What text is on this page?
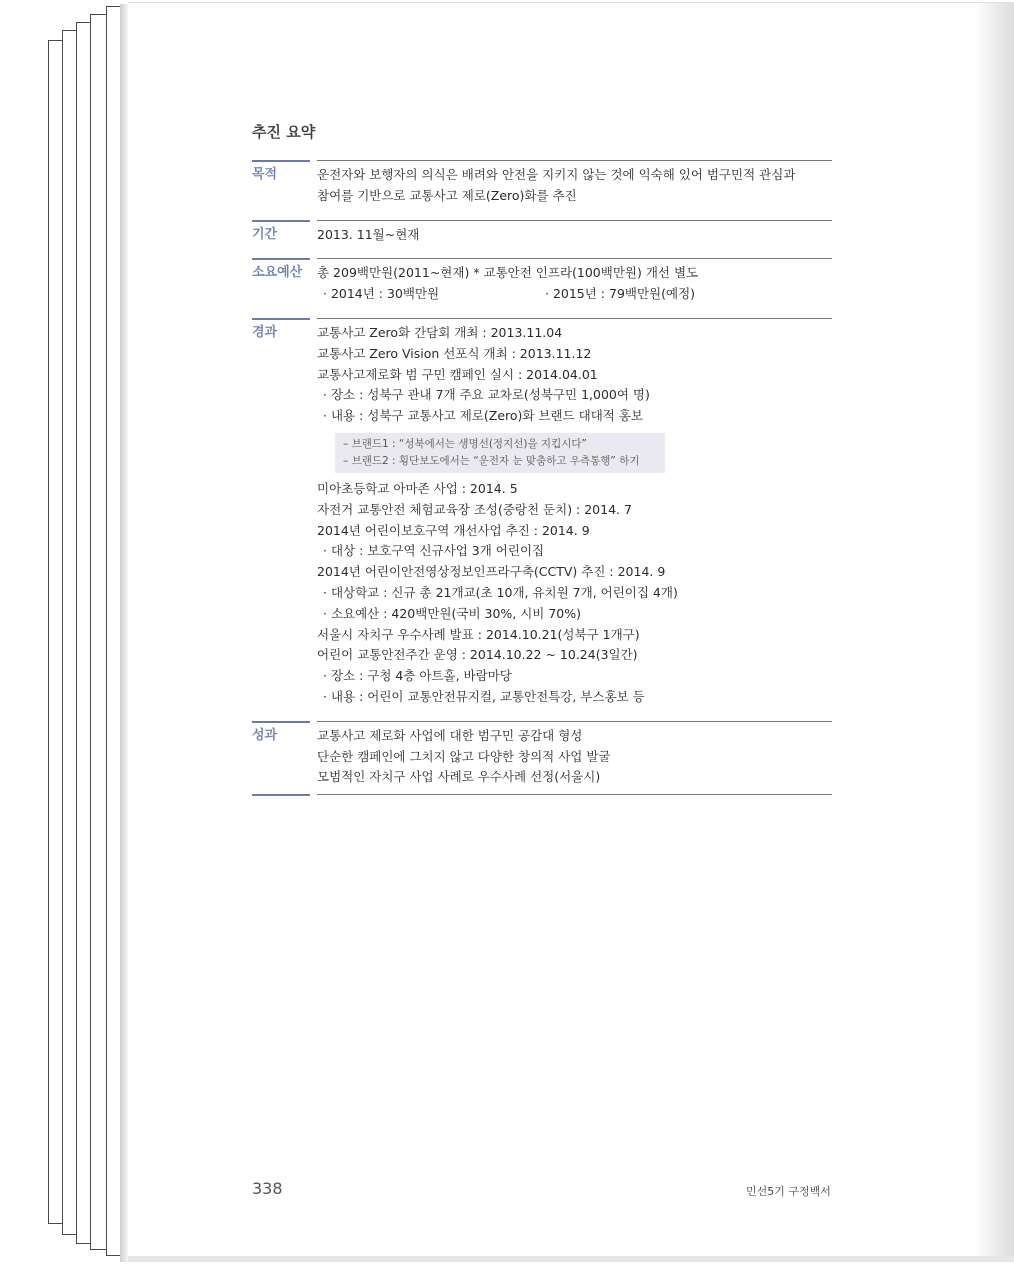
추진 요약
목적	운전자와 보행자의 의식은 배려와 안전을 지키지 않는 것에 익숙해 있어 범구민적 관심과
참여를 기반으로 교통사고 제로(Zero)화를 추진
기간	2013. 11월~현재
소요예산	총 209백만원(2011~현재) * 교통안전 인프라(100백만원) 개선 별도
· 2014년 : 30백만원	· 2015년 : 79백만원(예정)
경과	교통사고 Zero화 간담회 개최 : 2013.11.04
교통사고 Zero Vision 선포식 개최 : 2013.11.12
교통사고제로화 범 구민 캠페인 실시 : 2014.04.01
· 장소 : 성북구 관내 7개 주요 교차로(성북구민 1,000여 명)
· 내용 : 성북구 교통사고 제로(Zero)화 브랜드 대대적 홍보
– 브랜드1 : “성북에서는 생명선(정지선)을 지킵시다”
– 브랜드2 : 횡단보도에서는 “운전자 눈 맞춤하고 우측통행” 하기
미아초등학교 아마존 사업 : 2014. 5
자전거 교통안전 체험교육장 조성(중랑천 둔치) : 2014. 7
2014년 어린이보호구역 개선사업 추진 : 2014. 9
· 대상 : 보호구역 신규사업 3개 어린이집
2014년 어린이안전영상정보인프라구축(CCTV) 추진 : 2014. 9
· 대상학교 : 신규 총 21개교(초 10개, 유치원 7개, 어린이집 4개)
· 소요예산 : 420백만원(국비 30%, 시비 70%)
서울시 자치구 우수사례 발표 : 2014.10.21(성북구 1개구)
어린이 교통안전주간 운영 : 2014.10.22 ~ 10.24(3일간)
· 장소 : 구청 4층 아트홀, 바람마당
· 내용 : 어린이 교통안전뮤지컬, 교통안전특강, 부스홍보 등
성과	교통사고 제로화 사업에 대한 범구민 공감대 형성
단순한 캠페인에 그치지 않고 다양한 창의적 사업 발굴
모범적인 자치구 사업 사례로 우수사례 선정(서울시)
338	민선5기 구정백서
